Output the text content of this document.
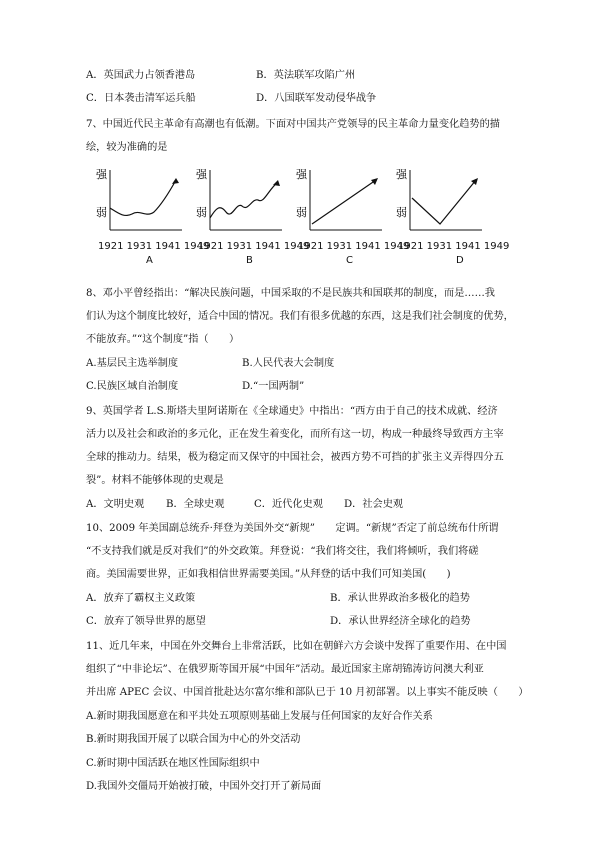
A．英国武力占领香港岛	B．英法联军攻陷广州
C．日本袭击清军运兵船	D．八国联军发动侵华战争
7、中国近代民主革命有高潮也有低潮。下面对中国共产党领导的民主革命力量变化趋势的描
绘，较为准确的是
强
弱
1921 1931 1941 1949
A
强
弱
1921 1931 1941 1949
B
强
弱
1921 1931 1941 1949
C
强
弱
1921 1931 1941 1949
D
8、邓小平曾经指出：“解决民族问题，中国采取的不是民族共和国联邦的制度，而是……我
们认为这个制度比较好，适合中国的情况。我们有很多优越的东西，这是我们社会制度的优势，
不能放弃。”“这个制度”指（　　）
A.基层民主选举制度	B.人民代表大会制度
C.民族区域自治制度	D.“一国两制”
9、英国学者 L.S.斯塔夫里阿诺斯在《全球通史》中指出：“西方由于自己的技术成就、经济
活力以及社会和政治的多元化，正在发生着变化，而所有这一切，构成一种最终导致西方主宰
全球的推动力。结果，极为稳定而又保守的中国社会，被西方势不可挡的扩张主义弄得四分五
裂”。材料不能够体现的史观是
A．文明史观 B．全球史观	C．近代化史观 D．社会史观
10、2009 年美国副总统乔·拜登为美国外交“新规”　　定调。“新规”否定了前总统布什所谓
“不支持我们就是反对我们”的外交政策。拜登说：“我们将交往，我们将倾听，我们将磋
商。美国需要世界，正如我相信世界需要美国。”从拜登的话中我们可知美国(　　)
A．放弃了霸权主义政策	B．承认世界政治多极化的趋势
C．放弃了领导世界的愿望	D．承认世界经济全球化的趋势
11、近几年来，中国在外交舞台上非常活跃，比如在朝鲜六方会谈中发挥了重要作用、在中国
组织了“中非论坛”、在俄罗斯等国开展“中国年”活动。最近国家主席胡锦涛访问澳大利亚
并出席 APEC 会议、中国首批赴达尔富尔维和部队已于 10 月初部署。以上事实不能反映（　　）
A.新时期我国愿意在和平共处五项原则基础上发展与任何国家的友好合作关系
B.新时期我国开展了以联合国为中心的外交活动
C.新时期中国活跃在地区性国际组织中
D.我国外交僵局开始被打破，中国外交打开了新局面
